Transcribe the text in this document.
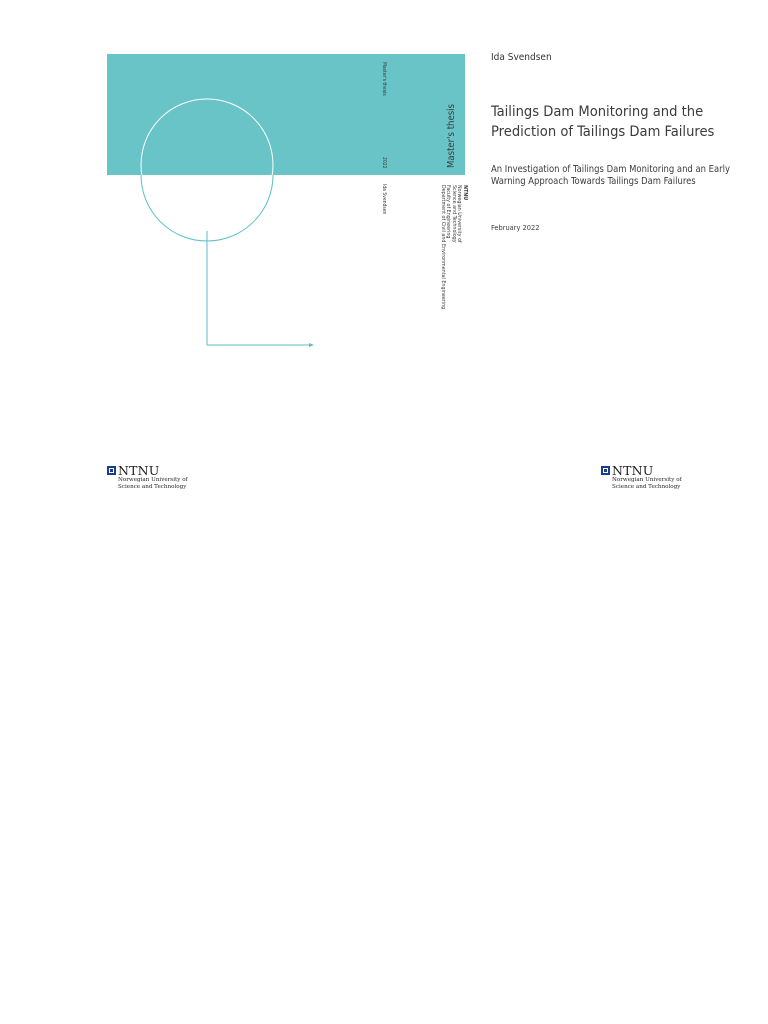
Master's thesis
2022
Ida Svendsen
Master's thesis
NTNU
Norwegian University of
Science and Technology
Faculty of Engineering
Department of Civil and Environmental Engineering
Ida Svendsen
Tailings Dam Monitoring and the Prediction of Tailings Dam Failures
An Investigation of Tailings Dam Monitoring and an Early Warning Approach Towards Tailings Dam Failures
February 2022
NTNU
Norwegian University of
Science and Technology
NTNU
Norwegian University of
Science and Technology
